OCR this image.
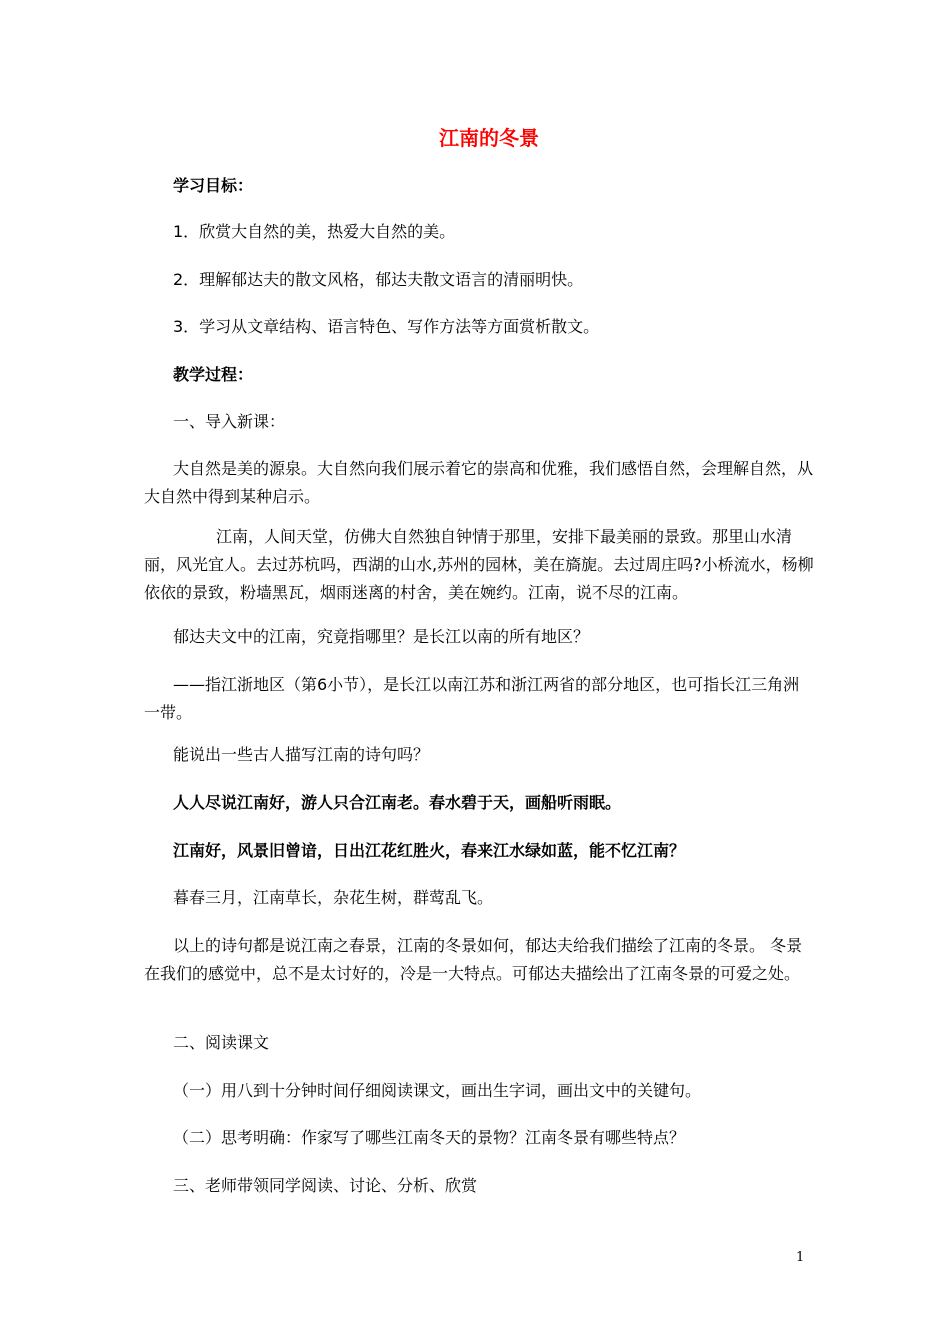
江南的冬景
学习目标：
1．欣赏大自然的美，热爱大自然的美。
2．理解郁达夫的散文风格，郁达夫散文语言的清丽明快。
3．学习从文章结构、语言特色、写作方法等方面赏析散文。
教学过程：
一、导入新课：
大自然是美的源泉。大自然向我们展示着它的崇高和优雅，我们感悟自然，会理解自然，从大自然中得到某种启示。
江南，人间天堂，仿佛大自然独自钟情于那里，安排下最美丽的景致。那里山水清丽，风光宜人。去过苏杭吗，西湖的山水,苏州的园林，美在旖旎。去过周庄吗?小桥流水，杨柳依依的景致，粉墙黑瓦，烟雨迷离的村舍，美在婉约。江南，说不尽的江南。
郁达夫文中的江南，究竟指哪里？是长江以南的所有地区？
——指江浙地区（第6小节），是长江以南江苏和浙江两省的部分地区，也可指长江三角洲一带。
能说出一些古人描写江南的诗句吗？
人人尽说江南好，游人只合江南老。春水碧于天，画船听雨眠。
江南好，风景旧曾谙，日出江花红胜火，春来江水绿如蓝，能不忆江南？
暮春三月，江南草长，杂花生树，群莺乱飞。
以上的诗句都是说江南之春景，江南的冬景如何，郁达夫给我们描绘了江南的冬景。 冬景在我们的感觉中，总不是太讨好的，冷是一大特点。可郁达夫描绘出了江南冬景的可爱之处。
二、阅读课文
（一）用八到十分钟时间仔细阅读课文，画出生字词，画出文中的关键句。
（二）思考明确：作家写了哪些江南冬天的景物？江南冬景有哪些特点？
三、老师带领同学阅读、讨论、分析、欣赏
1
